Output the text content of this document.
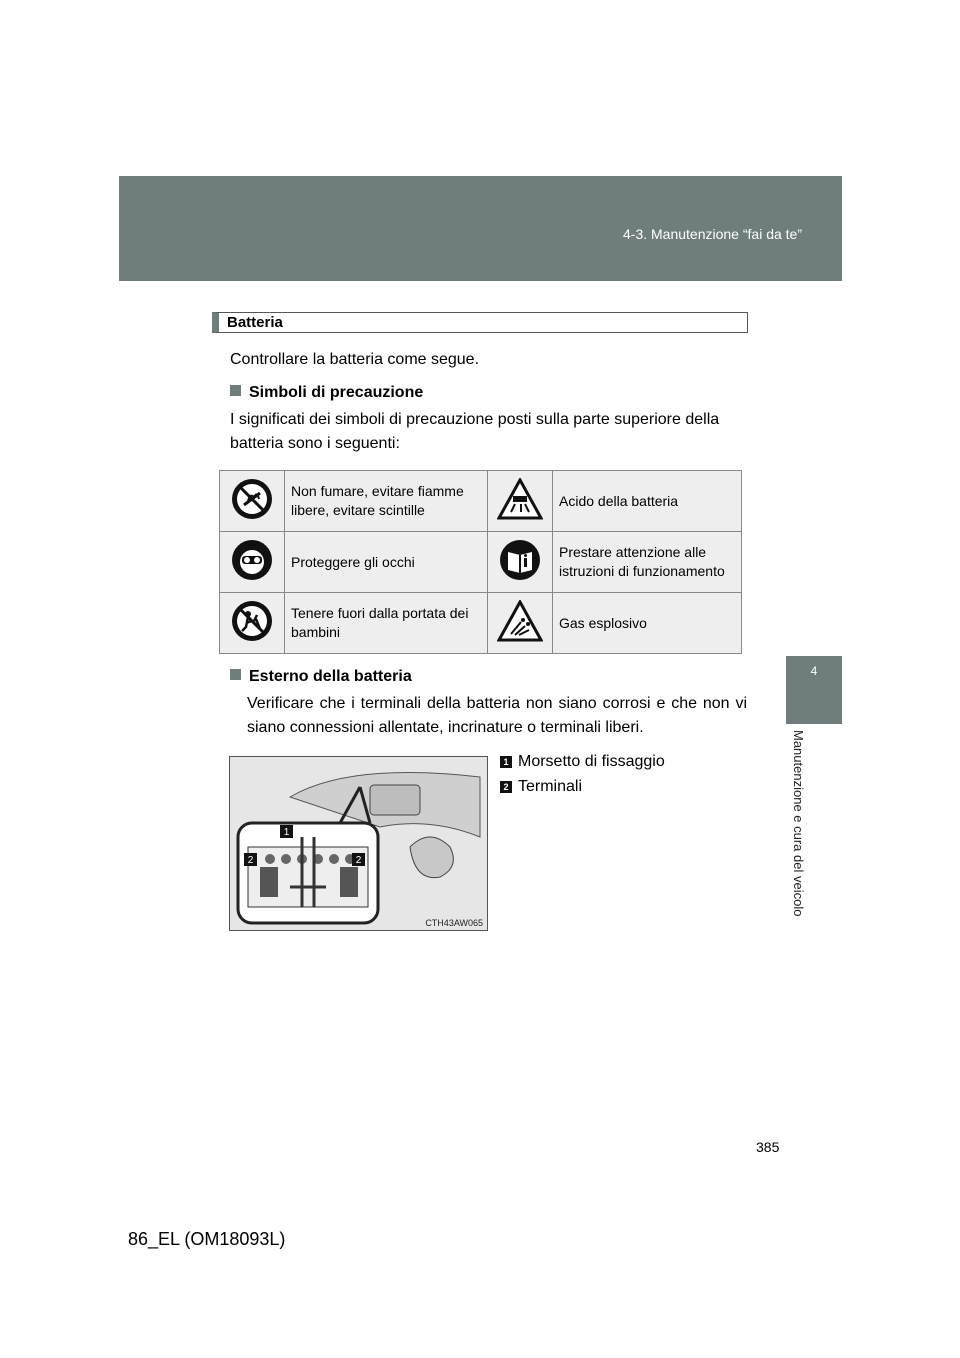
4-3. Manutenzione “fai da te”
4
Manutenzione e cura del veicolo
Batteria
Controllare la batteria come segue.
Simboli di precauzione
I significati dei simboli di precauzione posti sulla parte superiore della batteria sono i seguenti:
	Non fumare, evitare fiamme libere, evitare scintille		Acido della batteria
	Proteggere gli occhi		Prestare attenzione alle istruzioni di funzionamento
	Tenere fuori dalla portata dei bambini		Gas esplosivo
Esterno della batteria
Verificare che i terminali della batteria non siano corrosi e che non vi siano connessioni allentate, incrinature o terminali liberi.
1
2	2
CTH43AW065
1 Morsetto di fissaggio
2 Terminali
385
86_EL (OM18093L)
